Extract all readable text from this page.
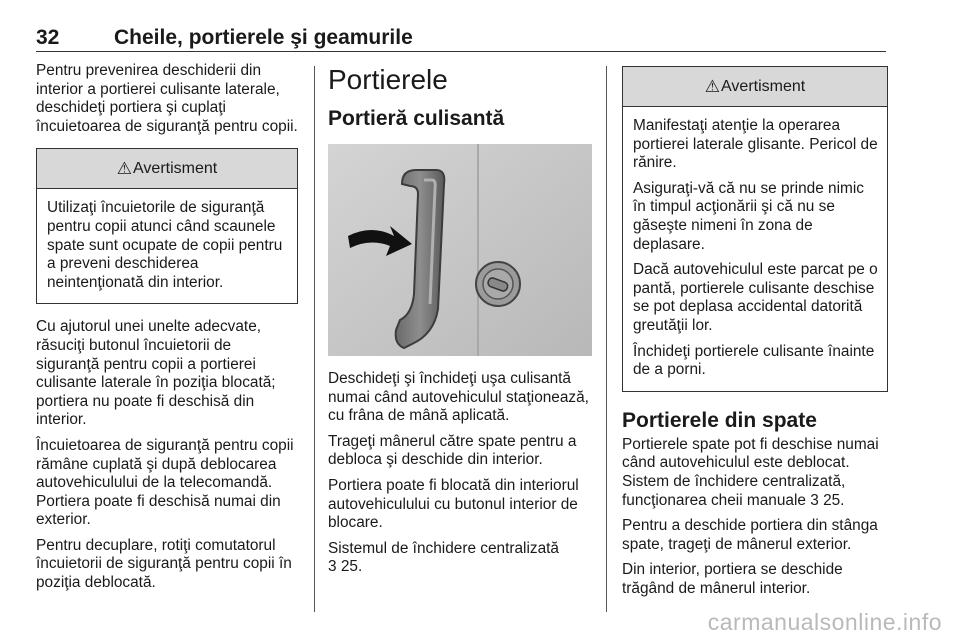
32	Cheile, portierele şi geamurile

Pentru prevenirea deschiderii din interior a portierei culisante laterale, deschideţi portiera şi cuplaţi încuietoarea de siguranţă pentru copii.

⚠ Avertisment

Utilizaţi încuietorile de siguranţă pentru copii atunci când scaunele spate sunt ocupate de copii pentru a preveni deschiderea neintenţionată din interior.

Cu ajutorul unei unelte adecvate, răsuciţi butonul încuietorii de siguranţă pentru copii a portierei culisante laterale în poziţia blocată; portiera nu poate fi deschisă din interior.

Încuietoarea de siguranţă pentru copii rămâne cuplată şi după deblocarea autovehiculului de la telecomandă. Portiera poate fi deschisă numai din exterior.

Pentru decuplare, rotiţi comutatorul încuietorii de siguranţă pentru copii în poziţia deblocată.

Portierele
Portieră culisantă

Deschideţi şi închideţi uşa culisantă numai când autovehiculul staţionează, cu frâna de mână aplicată.

Trageţi mânerul către spate pentru a debloca şi deschide din interior.

Portiera poate fi blocată din interiorul autovehiculului cu butonul interior de blocare.

Sistemul de închidere centralizată
3 25.

⚠ Avertisment

Manifestaţi atenţie la operarea portierei laterale glisante. Pericol de rănire.

Asiguraţi-vă că nu se prinde nimic în timpul acţionării şi că nu se găseşte nimeni în zona de deplasare.

Dacă autovehiculul este parcat pe o pantă, portierele culisante deschise se pot deplasa accidental datorită greutăţii lor.

Închideţi portierele culisante înainte de a porni.

Portierele din spate

Portierele spate pot fi deschise numai când autovehiculul este deblocat. Sistem de închidere centralizată, funcţionarea cheii manuale 3 25.

Pentru a deschide portiera din stânga spate, trageţi de mânerul exterior.

Din interior, portiera se deschide trăgând de mânerul interior.

carmanualsonline.info
